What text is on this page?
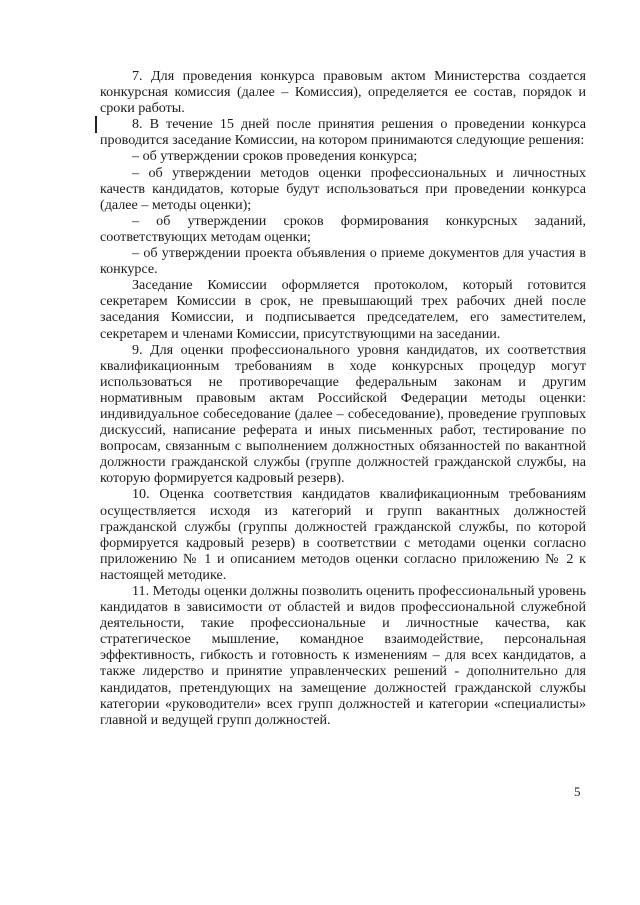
7. Для проведения конкурса правовым актом Министерства создается конкурсная комиссия (далее – Комиссия), определяется ее состав, порядок и сроки работы.

8. В течение 15 дней после принятия решения о проведении конкурса проводится заседание Комиссии, на котором принимаются следующие решения:

– об утверждении сроков проведения конкурса;

– об утверждении методов оценки профессиональных и личностных качеств кандидатов, которые будут использоваться при проведении конкурса (далее – методы оценки);

– об утверждении сроков формирования конкурсных заданий, соответствующих методам оценки;

– об утверждении проекта объявления о приеме документов для участия в конкурсе.

Заседание Комиссии оформляется протоколом, который готовится секретарем Комиссии в срок, не превышающий трех рабочих дней после заседания Комиссии, и подписывается председателем, его заместителем, секретарем и членами Комиссии, присутствующими на заседании.

9. Для оценки профессионального уровня кандидатов, их соответствия квалификационным требованиям в ходе конкурсных процедур могут использоваться не противоречащие федеральным законам и другим нормативным правовым актам Российской Федерации методы оценки: индивидуальное собеседование (далее – собеседование), проведение групповых дискуссий, написание реферата и иных письменных работ, тестирование по вопросам, связанным с выполнением должностных обязанностей по вакантной должности гражданской службы (группе должностей гражданской службы, на которую формируется кадровый резерв).

10. Оценка соответствия кандидатов квалификационным требованиям осуществляется исходя из категорий и групп вакантных должностей гражданской службы (группы должностей гражданской службы, по которой формируется кадровый резерв) в соответствии с методами оценки согласно приложению № 1 и описанием методов оценки согласно приложению № 2 к настоящей методике.

11. Методы оценки должны позволить оценить профессиональный уровень кандидатов в зависимости от областей и видов профессиональной служебной деятельности, такие профессиональные и личностные качества, как стратегическое мышление, командное взаимодействие, персональная эффективность, гибкость и готовность к изменениям – для всех кандидатов, а также лидерство и принятие управленческих решений - дополнительно для кандидатов, претендующих на замещение должностей гражданской службы категории «руководители» всех групп должностей и категории «специалисты» главной и ведущей групп должностей.

5
